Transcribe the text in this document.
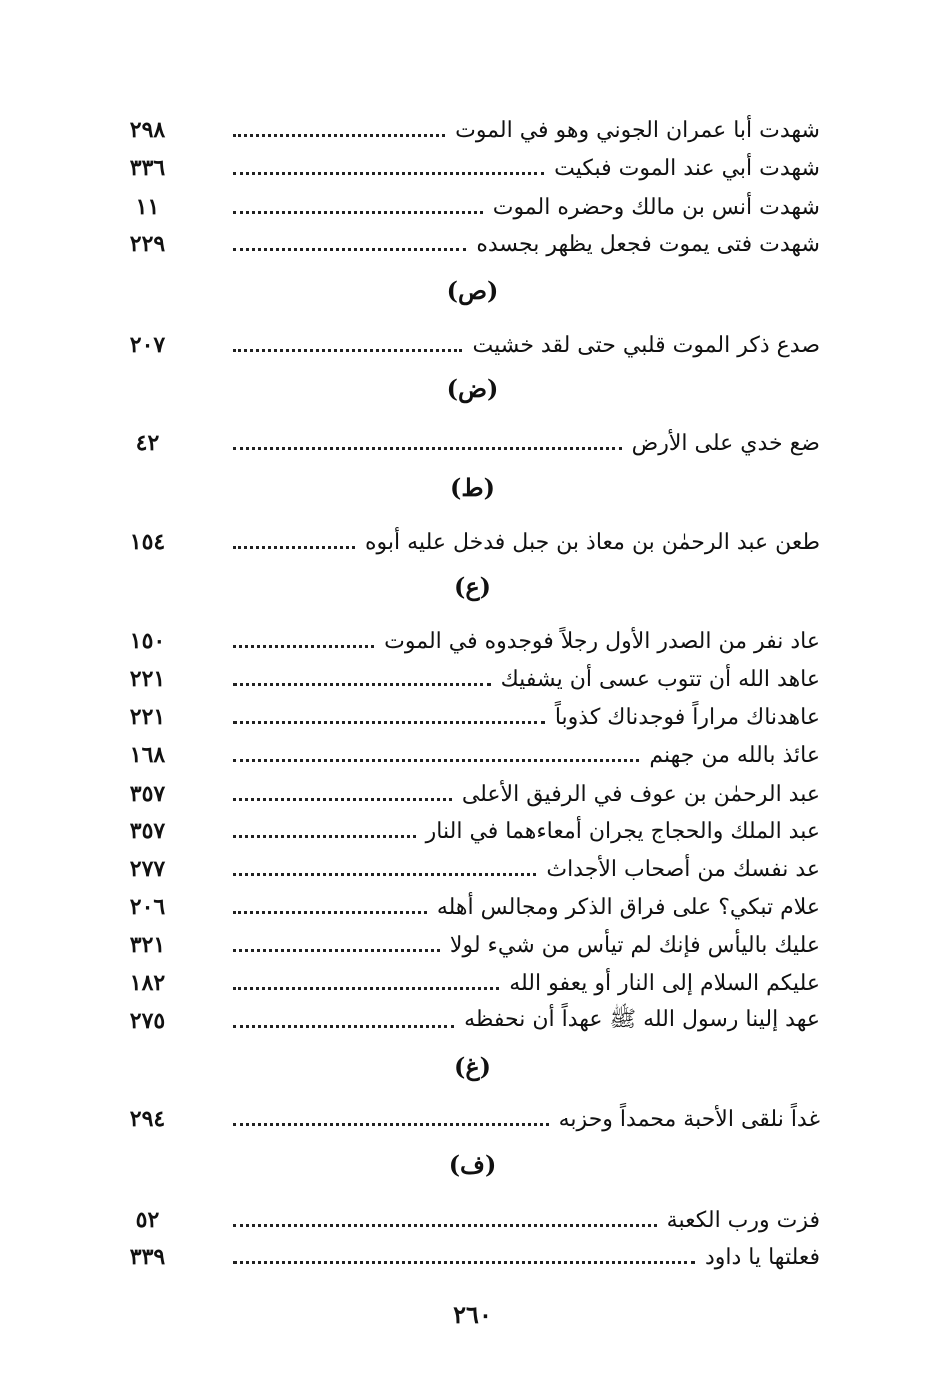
شهدت أبا عمران الجوني وهو في الموت
٢٩٨
شهدت أبي عند الموت فبكيت
٣٣٦
شهدت أنس بن مالك وحضره الموت
١١
شهدت فتى يموت فجعل يظهر بجسده
٢٢٩
(ص)
صدع ذكر الموت قلبي حتى لقد خشيت
٢٠٧
(ض)
ضع خدي على الأرض
٤٢
(ط)
طعن عبد الرحمٰن بن معاذ بن جبل فدخل عليه أبوه
١٥٤
(ع)
عاد نفر من الصدر الأول رجلاً فوجدوه في الموت
١٥٠
عاهد الله أن تتوب عسى أن يشفيك
٢٢١
عاهدناك مراراً فوجدناك كذوباً
٢٢١
عائذ بالله من جهنم
١٦٨
عبد الرحمٰن بن عوف في الرفيق الأعلى
٣٥٧
عبد الملك والحجاج يجران أمعاءهما في النار
٣٥٧
عد نفسك من أصحاب الأجداث
٢٧٧
علام تبكي؟ على فراق الذكر ومجالس أهله
٢٠٦
عليك باليأس فإنك لم تيأس من شيء لولا
٣٢١
عليكم السلام إلى النار أو يعفو الله
١٨٢
عهد إلينا رسول الله ﷺ عهداً أن نحفظه
٢٧٥
(غ)
غداً نلقى الأحبة محمداً وحزبه
٢٩٤
(ف)
فزت ورب الكعبة
٥٢
فعلتها يا داود
٣٣٩
٢٦٠
